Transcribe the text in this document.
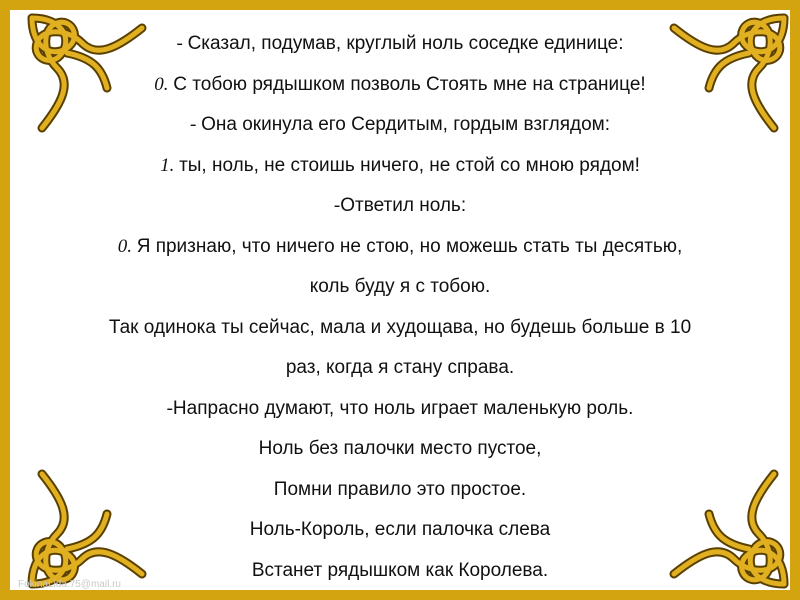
- Сказал, подумав, круглый ноль соседке единице:
0. С тобою рядышком позволь Стоять мне на странице!
- Она окинула его Сердитым, гордым взглядом:
1. ты, ноль, не стоишь ничего, не стой со мною рядом!
-Ответил ноль:
0. Я признаю, что ничего не стою, но можешь стать ты десятью,
коль буду я с тобою.
Так одинока ты сейчас, мала и худощава, но будешь больше в 10
раз, когда я стану справа.
-Напрасно думают, что ноль играет маленькую роль.
Ноль без палочки место пустое,
Помни правило это простое.
Ноль-Король, если палочка слева
Встанет рядышком как Королева.
FokinaLida.75@mail.ru
